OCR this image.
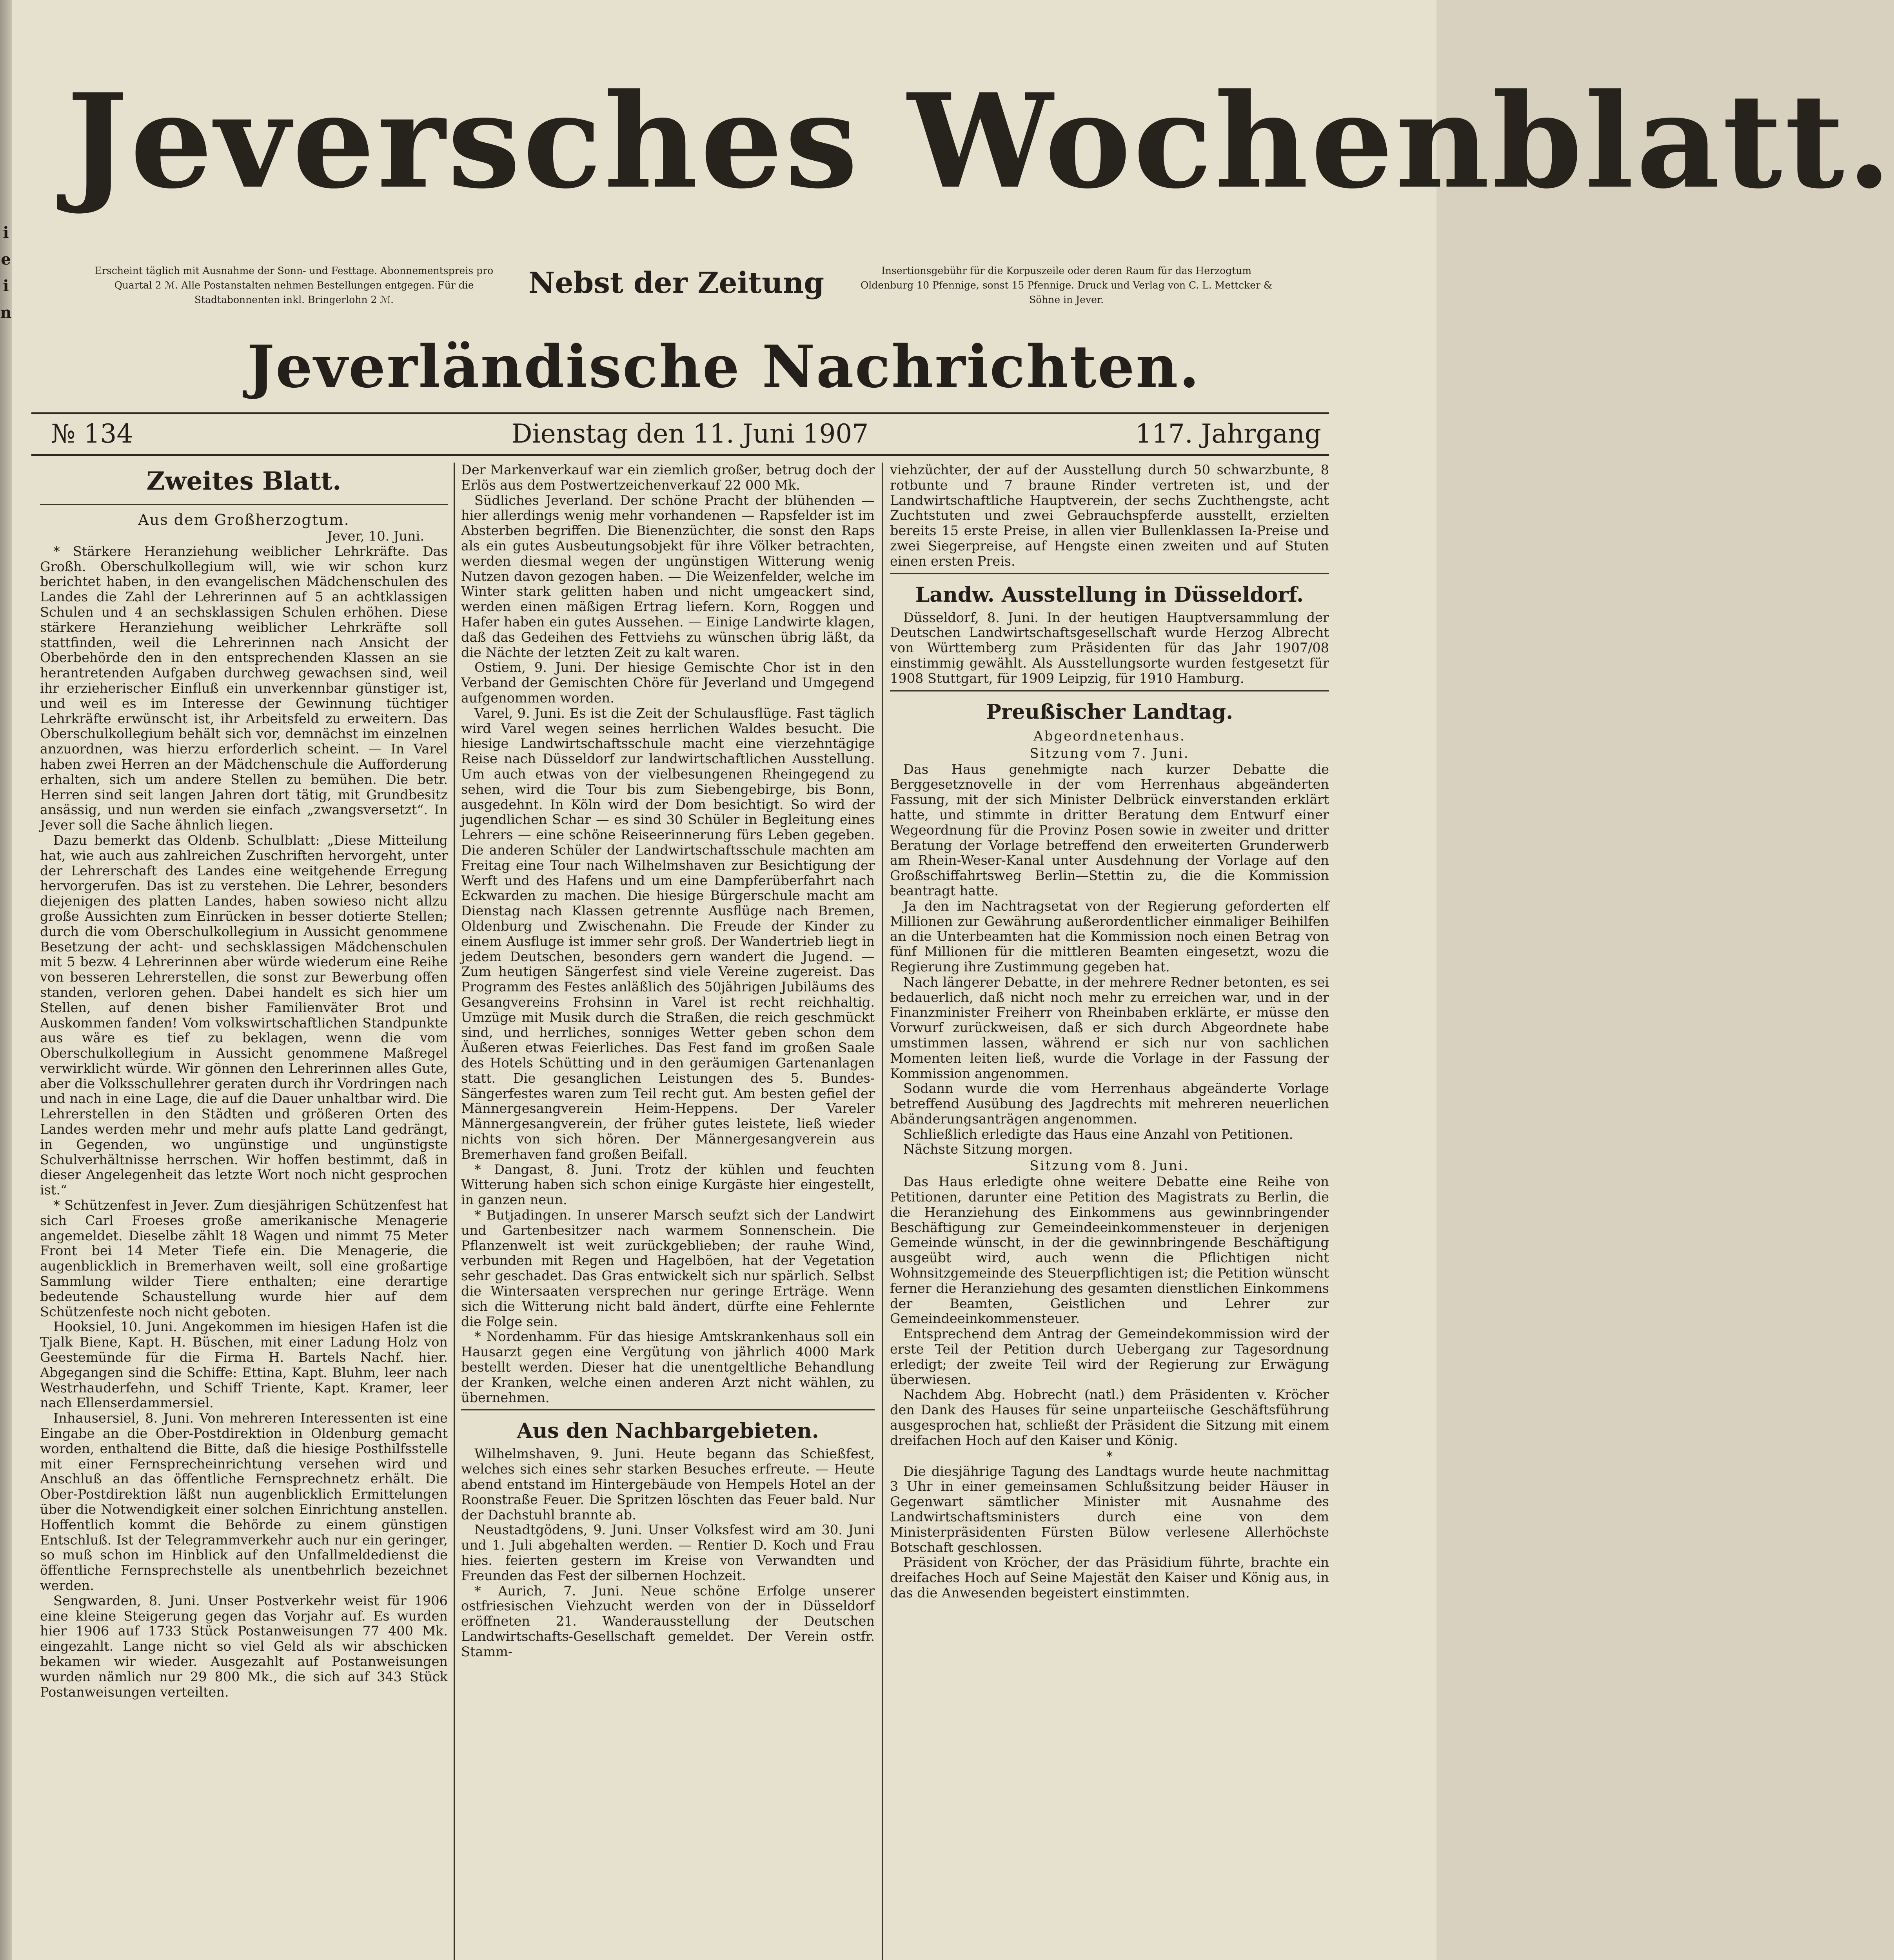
i
e
i
n
Jeversches Wochenblatt.
Erscheint täglich mit Ausnahme der Sonn- und Festtage. Abonnementspreis pro Quartal 2 ℳ. Alle Postanstalten nehmen Bestellungen entgegen. Für die Stadtabonnenten inkl. Bringerlohn 2 ℳ.	Nebst der Zeitung	Insertionsgebühr für die Korpuszeile oder deren Raum für das Herzogtum Oldenburg 10 Pfennige, sonst 15 Pfennige. Druck und Verlag von C. L. Mettcker & Söhne in Jever.
Jeverländische Nachrichten.
№ 134	Dienstag den 11. Juni 1907	117. Jahrgang

Zweites Blatt.

Aus dem Großherzogtum.

Jever, 10. Juni.

* Stärkere Heranziehung weiblicher Lehrkräfte. Das Großh. Oberschulkollegium will, wie wir schon kurz berichtet haben, in den evangelischen Mädchenschulen des Landes die Zahl der Lehrerinnen auf 5 an achtklassigen Schulen und 4 an sechsklassigen Schulen erhöhen. Diese stärkere Heranziehung weiblicher Lehrkräfte soll stattfinden, weil die Lehrerinnen nach Ansicht der Oberbehörde den in den entsprechenden Klassen an sie herantretenden Aufgaben durchweg gewachsen sind, weil ihr erzieherischer Einfluß ein unverkennbar günstiger ist, und weil es im Interesse der Gewinnung tüchtiger Lehrkräfte erwünscht ist, ihr Arbeitsfeld zu erweitern. Das Oberschulkollegium behält sich vor, demnächst im einzelnen anzuordnen, was hierzu erforderlich scheint. — In Varel haben zwei Herren an der Mädchenschule die Aufforderung erhalten, sich um andere Stellen zu bemühen. Die betr. Herren sind seit langen Jahren dort tätig, mit Grundbesitz ansässig, und nun werden sie einfach „zwangsversetzt“. In Jever soll die Sache ähnlich liegen.

Dazu bemerkt das Oldenb. Schulblatt: „Diese Mitteilung hat, wie auch aus zahlreichen Zuschriften hervorgeht, unter der Lehrerschaft des Landes eine weitgehende Erregung hervorgerufen. Das ist zu verstehen. Die Lehrer, besonders diejenigen des platten Landes, haben sowieso nicht allzu große Aussichten zum Einrücken in besser dotierte Stellen; durch die vom Oberschulkollegium in Aussicht genommene Besetzung der acht- und sechsklassigen Mädchenschulen mit 5 bezw. 4 Lehrerinnen aber würde wiederum eine Reihe von besseren Lehrerstellen, die sonst zur Bewerbung offen standen, verloren gehen. Dabei handelt es sich hier um Stellen, auf denen bisher Familienväter Brot und Auskommen fanden! Vom volkswirtschaftlichen Standpunkte aus wäre es tief zu beklagen, wenn die vom Oberschulkollegium in Aussicht genommene Maßregel verwirklicht würde. Wir gönnen den Lehrerinnen alles Gute, aber die Volksschullehrer geraten durch ihr Vordringen nach und nach in eine Lage, die auf die Dauer unhaltbar wird. Die Lehrerstellen in den Städten und größeren Orten des Landes werden mehr und mehr aufs platte Land gedrängt, in Gegenden, wo ungünstige und ungünstigste Schulverhältnisse herrschen. Wir hoffen bestimmt, daß in dieser Angelegenheit das letzte Wort noch nicht gesprochen ist.“

* Schützenfest in Jever. Zum diesjährigen Schützenfest hat sich Carl Froeses große amerikanische Menagerie angemeldet. Dieselbe zählt 18 Wagen und nimmt 75 Meter Front bei 14 Meter Tiefe ein. Die Menagerie, die augenblicklich in Bremerhaven weilt, soll eine großartige Sammlung wilder Tiere enthalten; eine derartige bedeutende Schaustellung wurde hier auf dem Schützenfeste noch nicht geboten.

Hooksiel, 10. Juni. Angekommen im hiesigen Hafen ist die Tjalk Biene, Kapt. H. Büschen, mit einer Ladung Holz von Geestemünde für die Firma H. Bartels Nachf. hier. Abgegangen sind die Schiffe: Ettina, Kapt. Bluhm, leer nach Westrhauderfehn, und Schiff Triente, Kapt. Kramer, leer nach Ellenserdammersiel.

Inhausersiel, 8. Juni. Von mehreren Interessenten ist eine Eingabe an die Ober-Postdirektion in Oldenburg gemacht worden, enthaltend die Bitte, daß die hiesige Posthilfsstelle mit einer Fernsprecheinrichtung versehen wird und Anschluß an das öffentliche Fernsprechnetz erhält. Die Ober-Postdirektion läßt nun augenblicklich Ermittelungen über die Notwendigkeit einer solchen Einrichtung anstellen. Hoffentlich kommt die Behörde zu einem günstigen Entschluß. Ist der Telegrammverkehr auch nur ein geringer, so muß schon im Hinblick auf den Unfallmeldedienst die öffentliche Fernsprechstelle als unentbehrlich bezeichnet werden.

Sengwarden, 8. Juni. Unser Postverkehr weist für 1906 eine kleine Steigerung gegen das Vorjahr auf. Es wurden hier 1906 auf 1733 Stück Postanweisungen 77 400 Mk. eingezahlt. Lange nicht so viel Geld als wir abschicken bekamen wir wieder. Ausgezahlt auf Postanweisungen wurden nämlich nur 29 800 Mk., die sich auf 343 Stück Postanweisungen verteilten.

Der Markenverkauf war ein ziemlich großer, betrug doch der Erlös aus dem Postwertzeichenverkauf 22 000 Mk.

Südliches Jeverland. Der schöne Pracht der blühenden — hier allerdings wenig mehr vorhandenen — Rapsfelder ist im Absterben begriffen. Die Bienenzüchter, die sonst den Raps als ein gutes Ausbeutungsobjekt für ihre Völker betrachten, werden diesmal wegen der ungünstigen Witterung wenig Nutzen davon gezogen haben. — Die Weizenfelder, welche im Winter stark gelitten haben und nicht umgeackert sind, werden einen mäßigen Ertrag liefern. Korn, Roggen und Hafer haben ein gutes Aussehen. — Einige Landwirte klagen, daß das Gedeihen des Fettviehs zu wünschen übrig läßt, da die Nächte der letzten Zeit zu kalt waren.

Ostiem, 9. Juni. Der hiesige Gemischte Chor ist in den Verband der Gemischten Chöre für Jeverland und Umgegend aufgenommen worden.

Varel, 9. Juni. Es ist die Zeit der Schulausflüge. Fast täglich wird Varel wegen seines herrlichen Waldes besucht. Die hiesige Landwirtschaftsschule macht eine vierzehntägige Reise nach Düsseldorf zur landwirtschaftlichen Ausstellung. Um auch etwas von der vielbesungenen Rheingegend zu sehen, wird die Tour bis zum Siebengebirge, bis Bonn, ausgedehnt. In Köln wird der Dom besichtigt. So wird der jugendlichen Schar — es sind 30 Schüler in Begleitung eines Lehrers — eine schöne Reiseerinnerung fürs Leben gegeben. Die anderen Schüler der Landwirtschaftsschule machten am Freitag eine Tour nach Wilhelmshaven zur Besichtigung der Werft und des Hafens und um eine Dampferüberfahrt nach Eckwarden zu machen. Die hiesige Bürgerschule macht am Dienstag nach Klassen getrennte Ausflüge nach Bremen, Oldenburg und Zwischenahn. Die Freude der Kinder zu einem Ausfluge ist immer sehr groß. Der Wandertrieb liegt in jedem Deutschen, besonders gern wandert die Jugend. — Zum heutigen Sängerfest sind viele Vereine zugereist. Das Programm des Festes anläßlich des 50jährigen Jubiläums des Gesangvereins Frohsinn in Varel ist recht reichhaltig. Umzüge mit Musik durch die Straßen, die reich geschmückt sind, und herrliches, sonniges Wetter geben schon dem Äußeren etwas Feierliches. Das Fest fand im großen Saale des Hotels Schütting und in den geräumigen Gartenanlagen statt. Die gesanglichen Leistungen des 5. Bundes-Sängerfestes waren zum Teil recht gut. Am besten gefiel der Männergesangverein Heim-Heppens. Der Vareler Männergesangverein, der früher gutes leistete, ließ wieder nichts von sich hören. Der Männergesangverein aus Bremerhaven fand großen Beifall.

* Dangast, 8. Juni. Trotz der kühlen und feuchten Witterung haben sich schon einige Kurgäste hier eingestellt, in ganzen neun.

* Butjadingen. In unserer Marsch seufzt sich der Landwirt und Gartenbesitzer nach warmem Sonnenschein. Die Pflanzenwelt ist weit zurückgeblieben; der rauhe Wind, verbunden mit Regen und Hagelböen, hat der Vegetation sehr geschadet. Das Gras entwickelt sich nur spärlich. Selbst die Wintersaaten versprechen nur geringe Erträge. Wenn sich die Witterung nicht bald ändert, dürfte eine Fehlernte die Folge sein.

* Nordenhamm. Für das hiesige Amtskrankenhaus soll ein Hausarzt gegen eine Vergütung von jährlich 4000 Mark bestellt werden. Dieser hat die unentgeltliche Behandlung der Kranken, welche einen anderen Arzt nicht wählen, zu übernehmen.

Aus den Nachbargebieten.

Wilhelmshaven, 9. Juni. Heute begann das Schießfest, welches sich eines sehr starken Besuches erfreute. — Heute abend entstand im Hintergebäude von Hempels Hotel an der Roonstraße Feuer. Die Spritzen löschten das Feuer bald. Nur der Dachstuhl brannte ab.

Neustadtgödens, 9. Juni. Unser Volksfest wird am 30. Juni und 1. Juli abgehalten werden. — Rentier D. Koch und Frau hies. feierten gestern im Kreise von Verwandten und Freunden das Fest der silbernen Hochzeit.

* Aurich, 7. Juni. Neue schöne Erfolge unserer ostfriesischen Viehzucht werden von der in Düsseldorf eröffneten 21. Wanderausstellung der Deutschen Landwirtschafts-Gesellschaft gemeldet. Der Verein ostfr. Stamm-

viehzüchter, der auf der Ausstellung durch 50 schwarzbunte, 8 rotbunte und 7 braune Rinder vertreten ist, und der Landwirtschaftliche Hauptverein, der sechs Zuchthengste, acht Zuchtstuten und zwei Gebrauchspferde ausstellt, erzielten bereits 15 erste Preise, in allen vier Bullenklassen Ia-Preise und zwei Siegerpreise, auf Hengste einen zweiten und auf Stuten einen ersten Preis.

Landw. Ausstellung in Düsseldorf.

Düsseldorf, 8. Juni. In der heutigen Hauptversammlung der Deutschen Landwirtschaftsgesellschaft wurde Herzog Albrecht von Württemberg zum Präsidenten für das Jahr 1907/08 einstimmig gewählt. Als Ausstellungsorte wurden festgesetzt für 1908 Stuttgart, für 1909 Leipzig, für 1910 Hamburg.

Preußischer Landtag.

Abgeordnetenhaus.

Sitzung vom 7. Juni.

Das Haus genehmigte nach kurzer Debatte die Berggesetznovelle in der vom Herrenhaus abgeänderten Fassung, mit der sich Minister Delbrück einverstanden erklärt hatte, und stimmte in dritter Beratung dem Entwurf einer Wegeordnung für die Provinz Posen sowie in zweiter und dritter Beratung der Vorlage betreffend den erweiterten Grunderwerb am Rhein-Weser-Kanal unter Ausdehnung der Vorlage auf den Großschiffahrtsweg Berlin—Stettin zu, die die Kommission beantragt hatte.

Ja den im Nachtragsetat von der Regierung geforderten elf Millionen zur Gewährung außerordentlicher einmaliger Beihilfen an die Unterbeamten hat die Kommission noch einen Betrag von fünf Millionen für die mittleren Beamten eingesetzt, wozu die Regierung ihre Zustimmung gegeben hat.

Nach längerer Debatte, in der mehrere Redner betonten, es sei bedauerlich, daß nicht noch mehr zu erreichen war, und in der Finanzminister Freiherr von Rheinbaben erklärte, er müsse den Vorwurf zurückweisen, daß er sich durch Abgeordnete habe umstimmen lassen, während er sich nur von sachlichen Momenten leiten ließ, wurde die Vorlage in der Fassung der Kommission angenommen.

Sodann wurde die vom Herrenhaus abgeänderte Vorlage betreffend Ausübung des Jagdrechts mit mehreren neuerlichen Abänderungsanträgen angenommen.

Schließlich erledigte das Haus eine Anzahl von Petitionen.

Nächste Sitzung morgen.

Sitzung vom 8. Juni.

Das Haus erledigte ohne weitere Debatte eine Reihe von Petitionen, darunter eine Petition des Magistrats zu Berlin, die die Heranziehung des Einkommens aus gewinnbringender Beschäftigung zur Gemeindeeinkommensteuer in derjenigen Gemeinde wünscht, in der die gewinnbringende Beschäftigung ausgeübt wird, auch wenn die Pflichtigen nicht Wohnsitzgemeinde des Steuerpflichtigen ist; die Petition wünscht ferner die Heranziehung des gesamten dienstlichen Einkommens der Beamten, Geistlichen und Lehrer zur Gemeindeeinkommensteuer.

Entsprechend dem Antrag der Gemeindekommission wird der erste Teil der Petition durch Uebergang zur Tagesordnung erledigt; der zweite Teil wird der Regierung zur Erwägung überwiesen.

Nachdem Abg. Hobrecht (natl.) dem Präsidenten v. Kröcher den Dank des Hauses für seine unparteiische Geschäftsführung ausgesprochen hat, schließt der Präsident die Sitzung mit einem dreifachen Hoch auf den Kaiser und König.

*

Die diesjährige Tagung des Landtags wurde heute nachmittag 3 Uhr in einer gemeinsamen Schlußsitzung beider Häuser in Gegenwart sämtlicher Minister mit Ausnahme des Landwirtschaftsministers durch eine von dem Ministerpräsidenten Fürsten Bülow verlesene Allerhöchste Botschaft geschlossen.

Präsident von Kröcher, der das Präsidium führte, brachte ein dreifaches Hoch auf Seine Majestät den Kaiser und König aus, in das die Anwesenden begeistert einstimmten.
